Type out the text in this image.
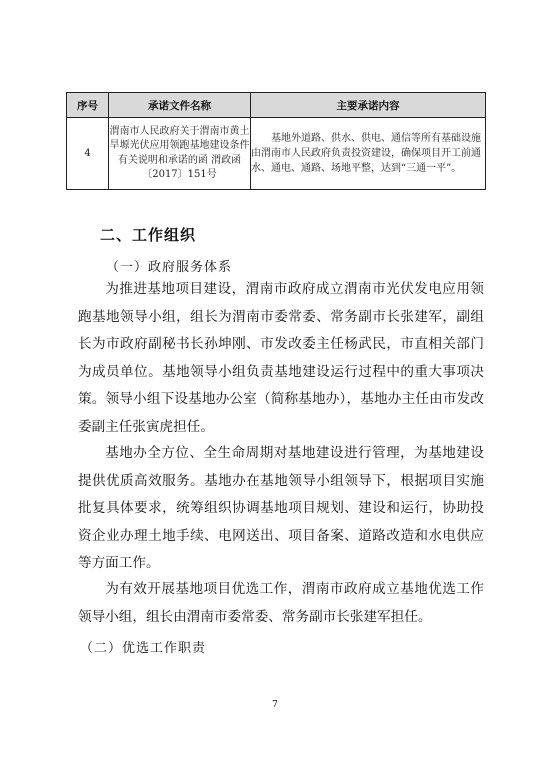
序号	承诺文件名称	主要承诺内容
4	渭南市人民政府关于渭南市黄土旱塬光伏应用领跑基地建设条件有关说明和承诺的函 渭政函〔2017〕151号	基地外道路、供水、供电、通信等所有基础设施由渭南市人民政府负责投资建设，确保项目开工前通水、通电、通路、场地平整，达到“三通一平”。
二、工作组织
（一）政府服务体系

为推进基地项目建设，渭南市政府成立渭南市光伏发电应用领跑基地领导小组，组长为渭南市委常委、常务副市长张建军，副组长为市政府副秘书长孙坤刚、市发改委主任杨武民，市直相关部门为成员单位。基地领导小组负责基地建设运行过程中的重大事项决策。领导小组下设基地办公室（简称基地办），基地办主任由市发改委副主任张寅虎担任。

基地办全方位、全生命周期对基地建设进行管理，为基地建设提供优质高效服务。基地办在基地领导小组领导下，根据项目实施批复具体要求，统筹组织协调基地项目规划、建设和运行，协助投资企业办理土地手续、电网送出、项目备案、道路改造和水电供应等方面工作。

为有效开展基地项目优选工作，渭南市政府成立基地优选工作领导小组，组长由渭南市委常委、常务副市长张建军担任。

（二）优选工作职责
7
